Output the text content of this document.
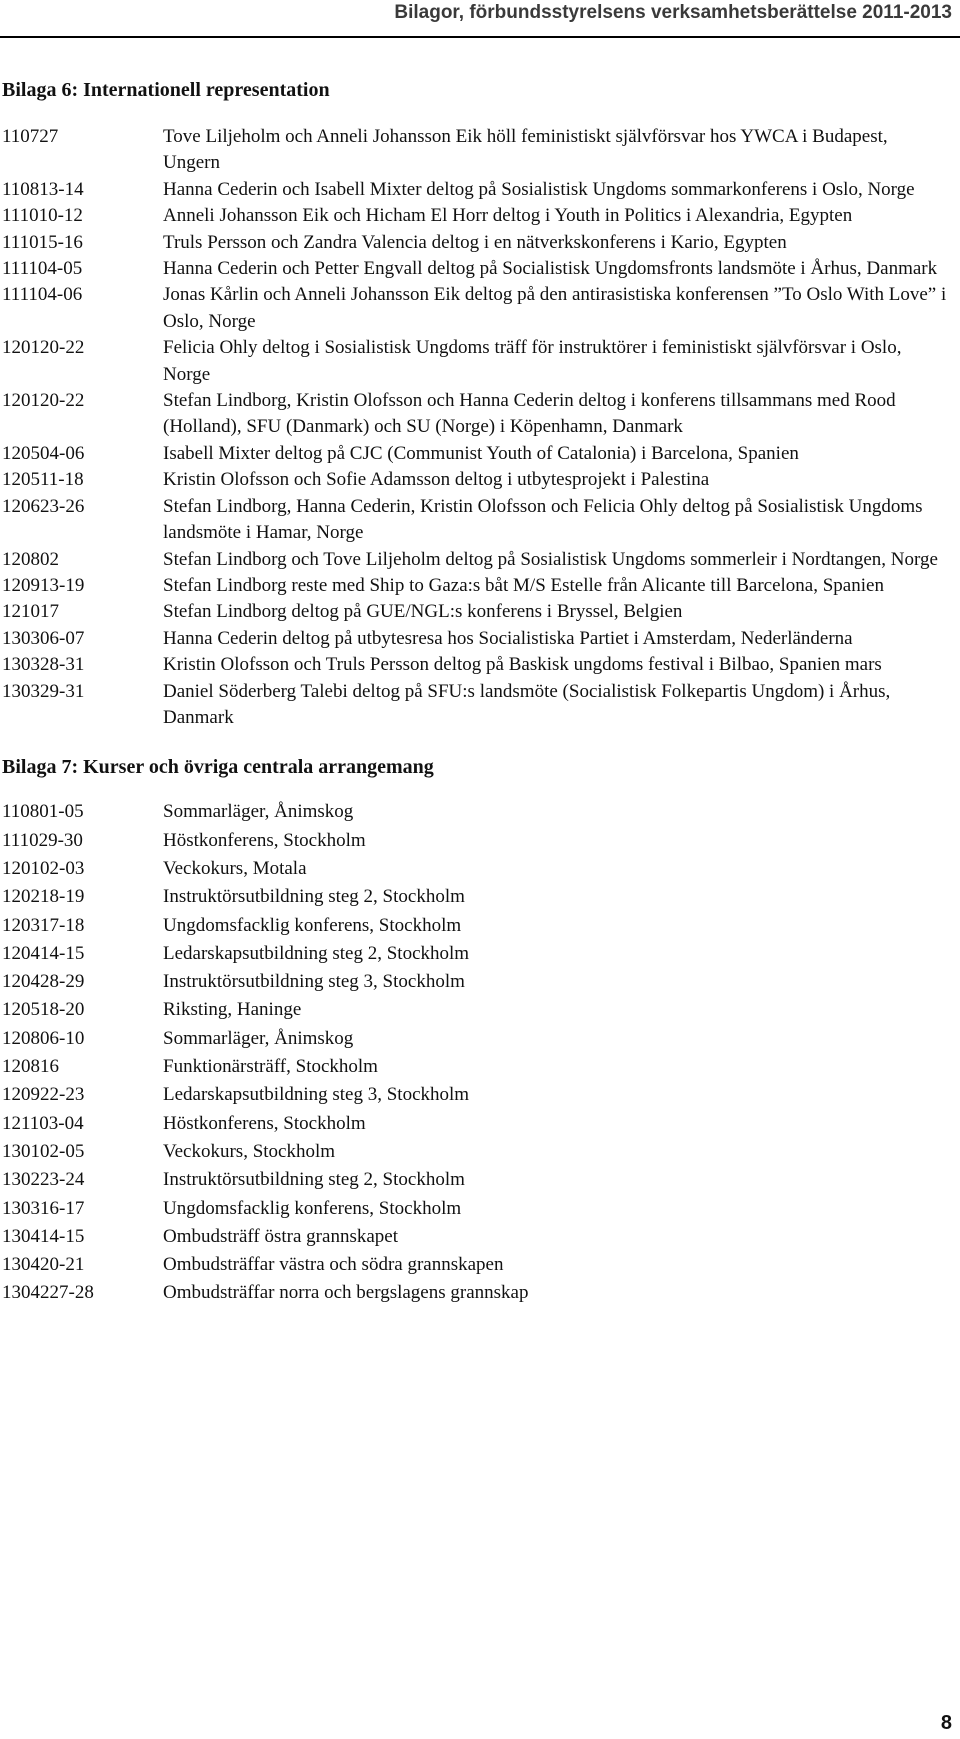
Bilagor, förbundsstyrelsens verksamhetsberättelse 2011-2013
Bilaga 6: Internationell representation
110727	Tove Liljeholm och Anneli Johansson Eik höll feministiskt självförsvar hos YWCA i Budapest, Ungern
110813-14	Hanna Cederin och Isabell Mixter deltog på Sosialistisk Ungdoms sommarkonferens i Oslo, Norge
111010-12	Anneli Johansson Eik och Hicham El Horr deltog i Youth in Politics i Alexandria, Egypten
111015-16	Truls Persson och Zandra Valencia deltog i en nätverkskonferens i Kario, Egypten
111104-05	Hanna Cederin och Petter Engvall deltog på Socialistisk Ungdomsfronts landsmöte i Århus, Danmark
111104-06	Jonas Kårlin och Anneli Johansson Eik deltog på den antirasistiska konferensen ”To Oslo With Love” i Oslo, Norge
120120-22	Felicia Ohly deltog i Sosialistisk Ungdoms träff för instruktörer i feministiskt självförsvar i Oslo, Norge
120120-22	Stefan Lindborg, Kristin Olofsson och Hanna Cederin deltog i konferens tillsammans med Rood (Holland), SFU (Danmark) och SU (Norge) i Köpenhamn, Danmark
120504-06	Isabell Mixter deltog på CJC (Communist Youth of Catalonia) i Barcelona, Spanien
120511-18	Kristin Olofsson och Sofie Adamsson deltog i utbytesprojekt i Palestina
120623-26	Stefan Lindborg, Hanna Cederin, Kristin Olofsson och Felicia Ohly deltog på Sosialistisk Ungdoms landsmöte i Hamar, Norge
120802	Stefan Lindborg och Tove Liljeholm deltog på Sosialistisk Ungdoms sommerleir i Nordtangen, Norge
120913-19	Stefan Lindborg reste med Ship to Gaza:s båt M/S Estelle från Alicante till Barcelona, Spanien
121017	Stefan Lindborg deltog på GUE/NGL:s konferens i Bryssel, Belgien
130306-07	Hanna Cederin deltog på utbytesresa hos Socialistiska Partiet i Amsterdam, Nederländerna
130328-31	Kristin Olofsson och Truls Persson deltog på Baskisk ungdoms festival i Bilbao, Spanien mars
130329-31	Daniel Söderberg Talebi deltog på SFU:s landsmöte (Socialistisk Folkepartis Ungdom) i Århus, Danmark
Bilaga 7: Kurser och övriga centrala arrangemang
110801-05	Sommarläger, Ånimskog
111029-30	Höstkonferens, Stockholm
120102-03	Veckokurs, Motala
120218-19	Instruktörsutbildning steg 2, Stockholm
120317-18	Ungdomsfacklig konferens, Stockholm
120414-15	Ledarskapsutbildning steg 2, Stockholm
120428-29	Instruktörsutbildning steg 3, Stockholm
120518-20	Riksting, Haninge
120806-10	Sommarläger, Ånimskog
120816	Funktionärsträff, Stockholm
120922-23	Ledarskapsutbildning steg 3, Stockholm
121103-04	Höstkonferens, Stockholm
130102-05	Veckokurs, Stockholm
130223-24	Instruktörsutbildning steg 2, Stockholm
130316-17	Ungdomsfacklig konferens, Stockholm
130414-15	Ombudsträff östra grannskapet
130420-21	Ombudsträffar västra och södra grannskapen
1304227-28	Ombudsträffar norra och bergslagens grannskap
8
